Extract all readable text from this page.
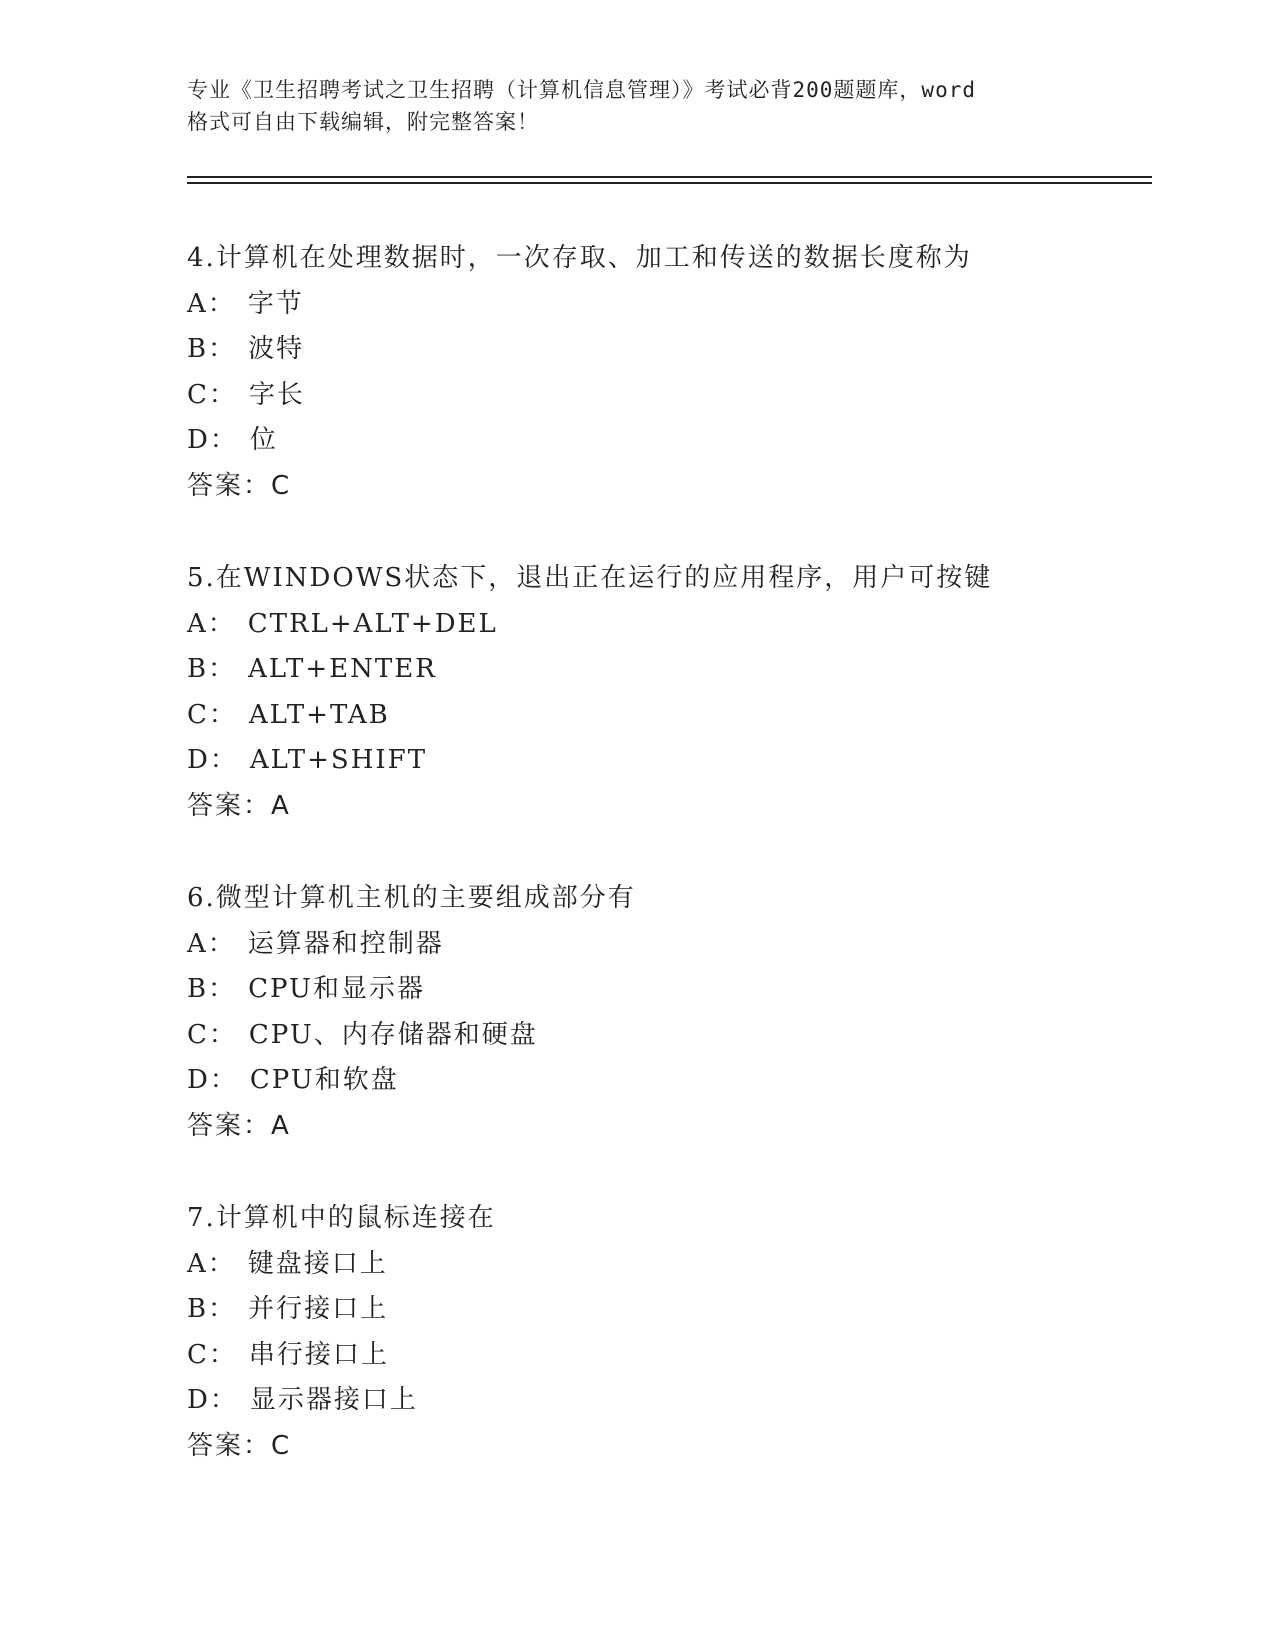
专业《卫生招聘考试之卫生招聘（计算机信息管理）》考试必背200题题库，word
格式可自由下载编辑，附完整答案！
4.计算机在处理数据时，一次存取、加工和传送的数据长度称为
A： 字节
B： 波特
C： 字长
D： 位
答案：C
5.在WINDOWS状态下，退出正在运行的应用程序，用户可按键
A： CTRL+ALT+DEL
B： ALT+ENTER
C： ALT+TAB
D： ALT+SHIFT
答案：A
6.微型计算机主机的主要组成部分有
A： 运算器和控制器
B： CPU和显示器
C： CPU、内存储器和硬盘
D： CPU和软盘
答案：A
7.计算机中的鼠标连接在
A： 键盘接口上
B： 并行接口上
C： 串行接口上
D： 显示器接口上
答案：C
